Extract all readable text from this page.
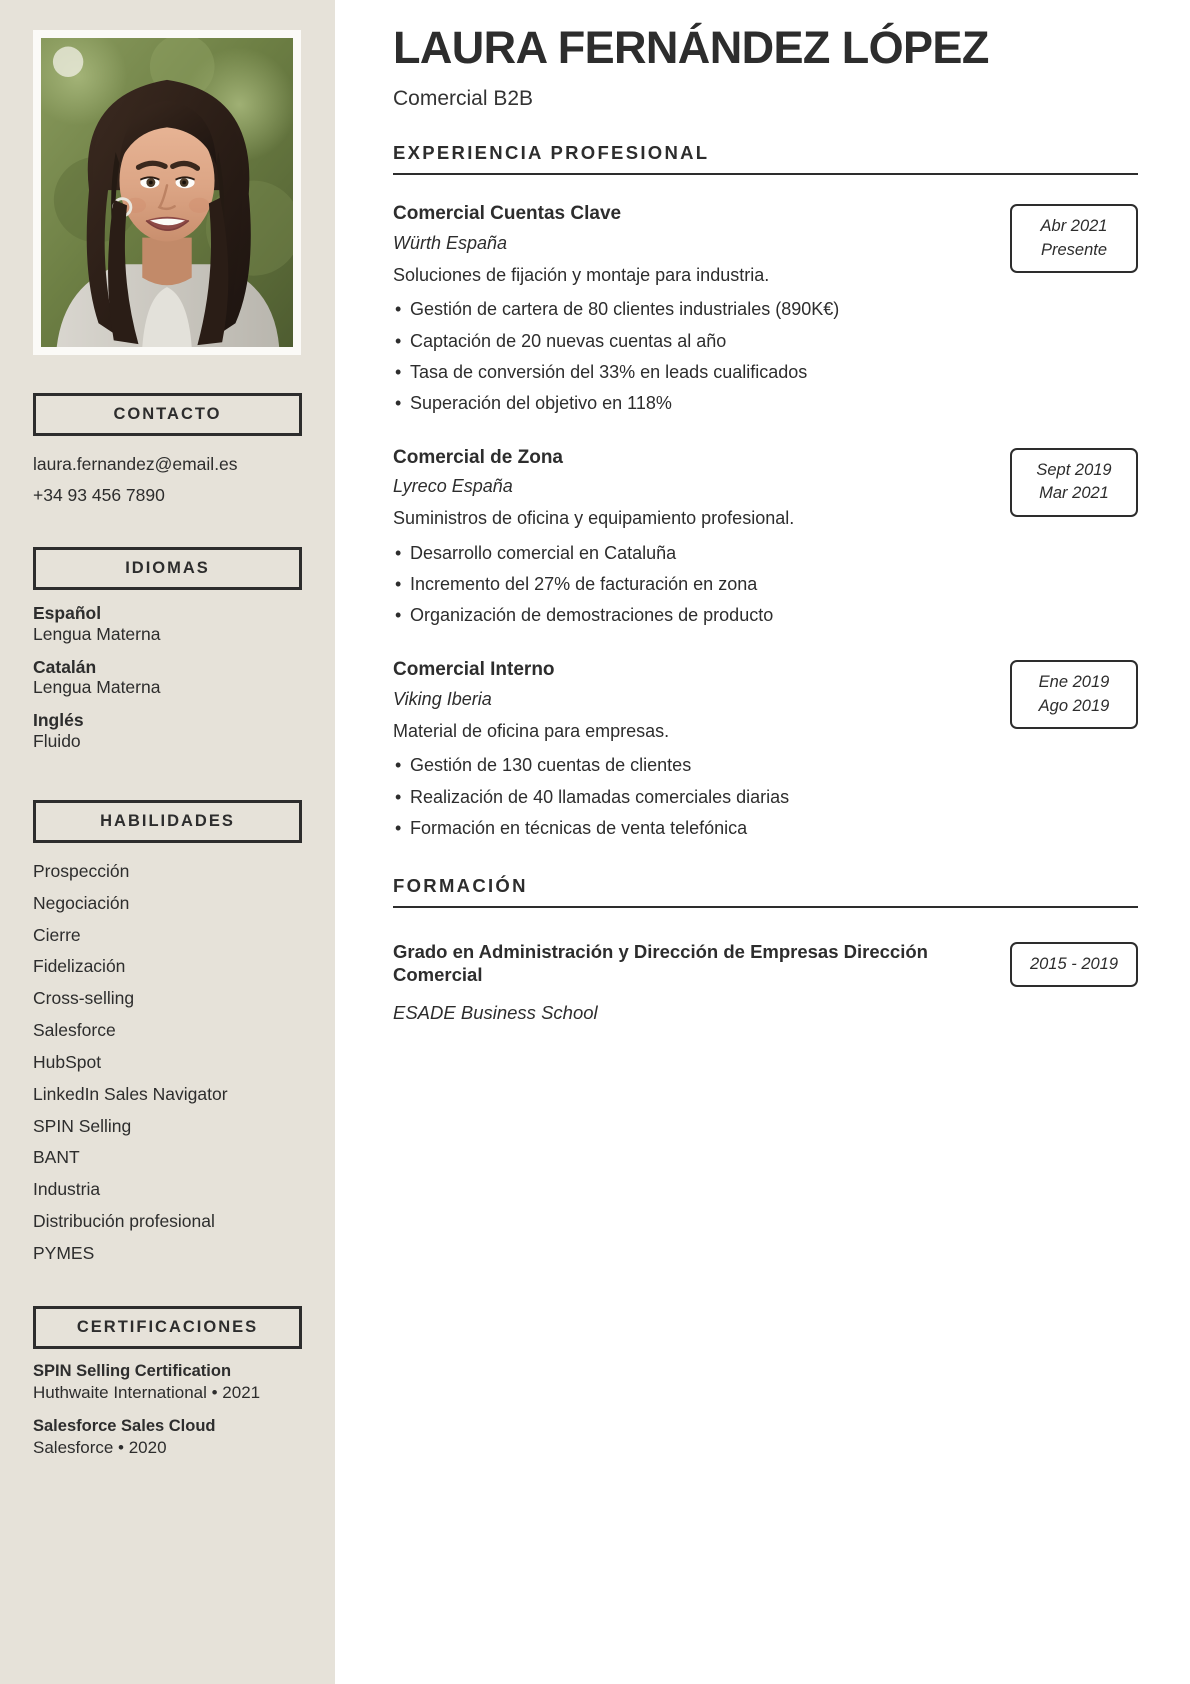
CONTACTO
laura.fernandez@email.es
+34 93 456 7890
IDIOMAS
Español
Lengua Materna
Catalán
Lengua Materna
Inglés
Fluido
HABILIDADES
Prospección
Negociación
Cierre
Fidelización
Cross-selling
Salesforce
HubSpot
LinkedIn Sales Navigator
SPIN Selling
BANT
Industria
Distribución profesional
PYMES
CERTIFICACIONES
SPIN Selling Certification
Huthwaite International • 2021
Salesforce Sales Cloud
Salesforce • 2020
LAURA FERNÁNDEZ LÓPEZ
Comercial B2B
EXPERIENCIA PROFESIONAL
Comercial Cuentas Clave
Würth España
Soluciones de fijación y montaje para industria.
• Gestión de cartera de 80 clientes industriales (890K€)
• Captación de 20 nuevas cuentas al año
• Tasa de conversión del 33% en leads cualificados
• Superación del objetivo en 118%
Abr 2021
Presente
Comercial de Zona
Lyreco España
Suministros de oficina y equipamiento profesional.
• Desarrollo comercial en Cataluña
• Incremento del 27% de facturación en zona
• Organización de demostraciones de producto
Sept 2019
Mar 2021
Comercial Interno
Viking Iberia
Material de oficina para empresas.
• Gestión de 130 cuentas de clientes
• Realización de 40 llamadas comerciales diarias
• Formación en técnicas de venta telefónica
Ene 2019
Ago 2019
FORMACIÓN
Grado en Administración y Dirección de Empresas Dirección Comercial
ESADE Business School
2015 - 2019
